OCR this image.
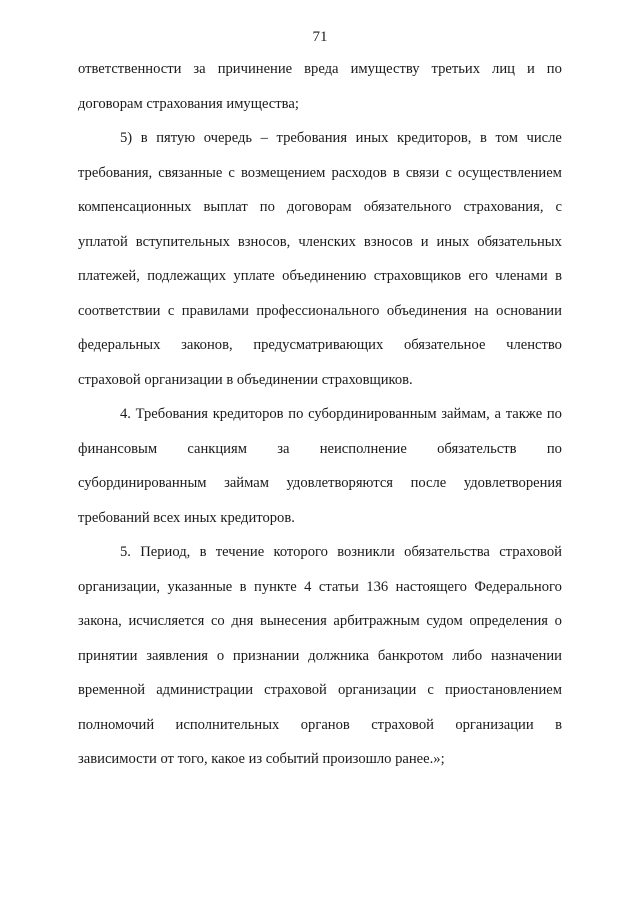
71
ответственности за причинение вреда имуществу третьих лиц и по
договорам страхования имущества;
5) в пятую очередь – требования иных кредиторов, в том числе
требования, связанные с возмещением расходов в связи с осуществлением
компенсационных выплат по договорам обязательного страхования, с
уплатой вступительных взносов, членских взносов и иных обязательных
платежей, подлежащих уплате объединению страховщиков его членами в
соответствии с правилами профессионального объединения на основании
федеральных законов, предусматривающих обязательное членство
страховой организации в объединении страховщиков.
4. Требования кредиторов по субординированным займам, а также по
финансовым санкциям за неисполнение обязательств по
субординированным займам удовлетворяются после удовлетворения
требований всех иных кредиторов.
5. Период, в течение которого возникли обязательства страховой
организации, указанные в пункте 4 статьи 136 настоящего Федерального
закона, исчисляется со дня вынесения арбитражным судом определения о
принятии заявления о признании должника банкротом либо назначении
временной администрации страховой организации с приостановлением
полномочий исполнительных органов страховой организации в
зависимости от того, какое из событий произошло ранее.»;
